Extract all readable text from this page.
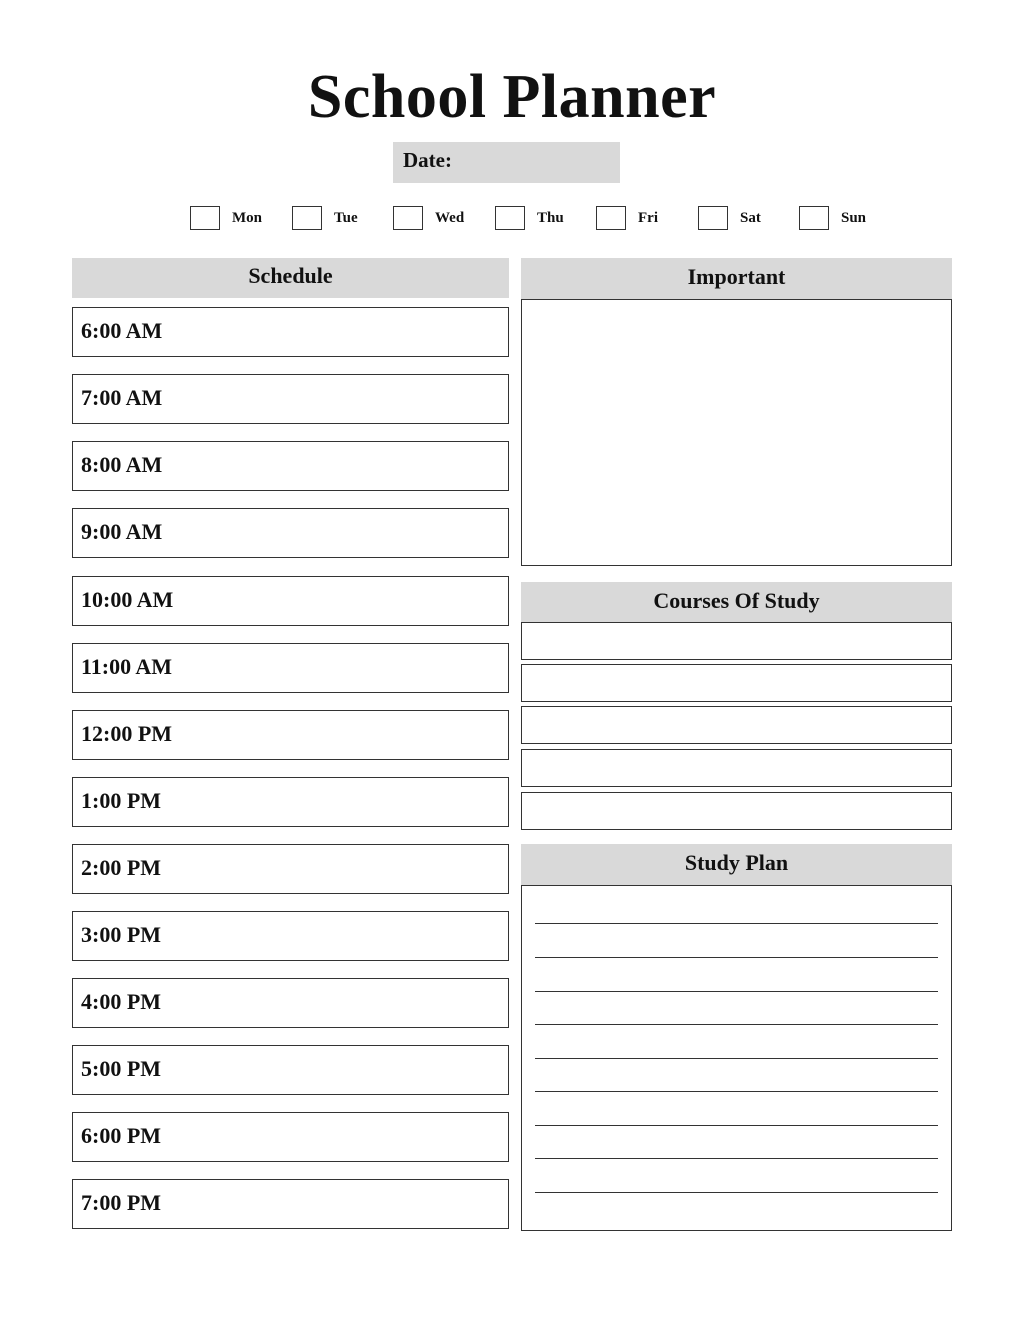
School Planner
Date:
Mon	Tue	Wed	Thu	Fri	Sat	Sun
Schedule
6:00 AM
7:00 AM
8:00 AM
9:00 AM
10:00 AM
11:00 AM
12:00 PM
1:00 PM
2:00 PM
3:00 PM
4:00 PM
5:00 PM
6:00 PM
7:00 PM
Important
Courses Of Study
Study Plan
